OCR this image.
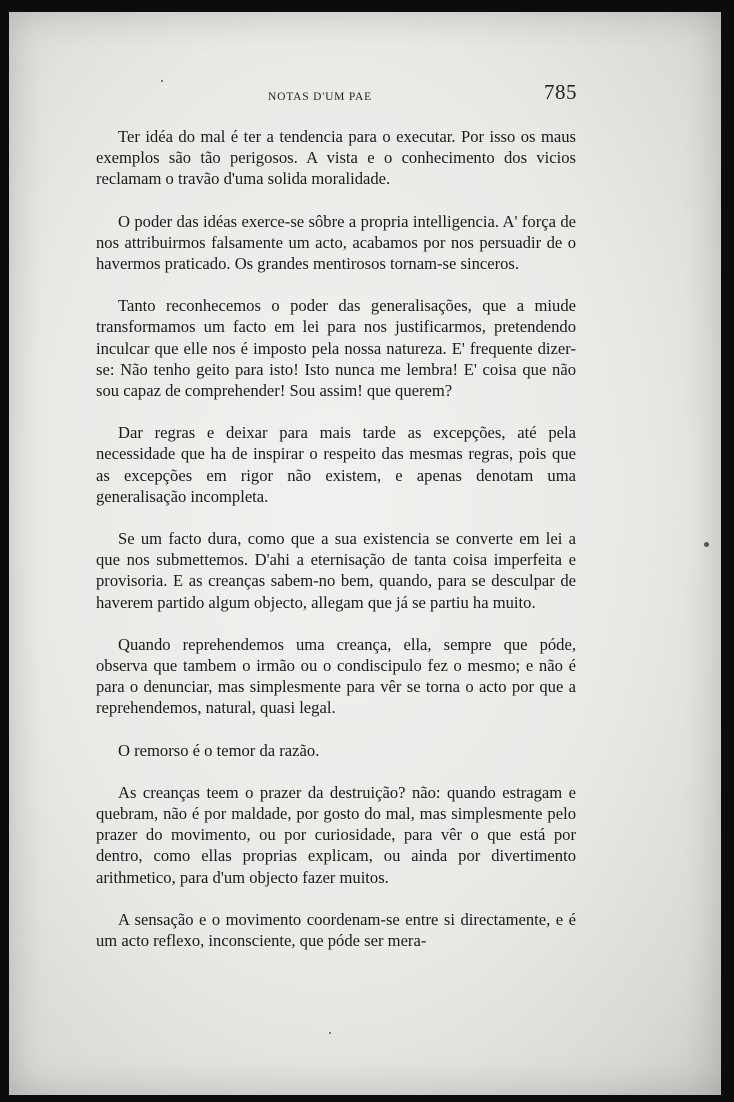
NOTAS D'UM PAE	785

Ter idéa do mal é ter a tendencia para o executar. Por isso os maus exemplos são tão perigosos. A vista e o conhecimento dos vicios reclamam o travão d'uma solida moralidade.

O poder das idéas exerce-se sôbre a propria intelligencia. A' força de nos attribuirmos falsamente um acto, acabamos por nos persuadir de o havermos praticado. Os grandes mentirosos tornam-se sinceros.

Tanto reconhecemos o poder das generalisações, que a miude transformamos um facto em lei para nos justificarmos, pretendendo inculcar que elle nos é imposto pela nossa natureza. E' frequente dizer-se: Não tenho geito para isto! Isto nunca me lembra! E' coisa que não sou capaz de comprehender! Sou assim! que querem?

Dar regras e deixar para mais tarde as excepções, até pela necessidade que ha de inspirar o respeito das mesmas regras, pois que as excepções em rigor não existem, e apenas denotam uma generalisação incompleta.

Se um facto dura, como que a sua existencia se converte em lei a que nos submettemos. D'ahi a eternisação de tanta coisa imperfeita e provisoria. E as creanças sabem-no bem, quando, para se desculpar de haverem partido algum objecto, allegam que já se partiu ha muito.

Quando reprehendemos uma creança, ella, sempre que póde, observa que tambem o irmão ou o condiscipulo fez o mesmo; e não é para o denunciar, mas simplesmente para vêr se torna o acto por que a reprehendemos, natural, quasi legal.

O remorso é o temor da razão.

As creanças teem o prazer da destruição? não: quando estragam e quebram, não é por maldade, por gosto do mal, mas simplesmente pelo prazer do movimento, ou por curiosidade, para vêr o que está por dentro, como ellas proprias explicam, ou ainda por divertimento arithmetico, para d'um objecto fazer muitos.

A sensação e o movimento coordenam-se entre si directamente, e é um acto reflexo, inconsciente, que póde ser mera-
